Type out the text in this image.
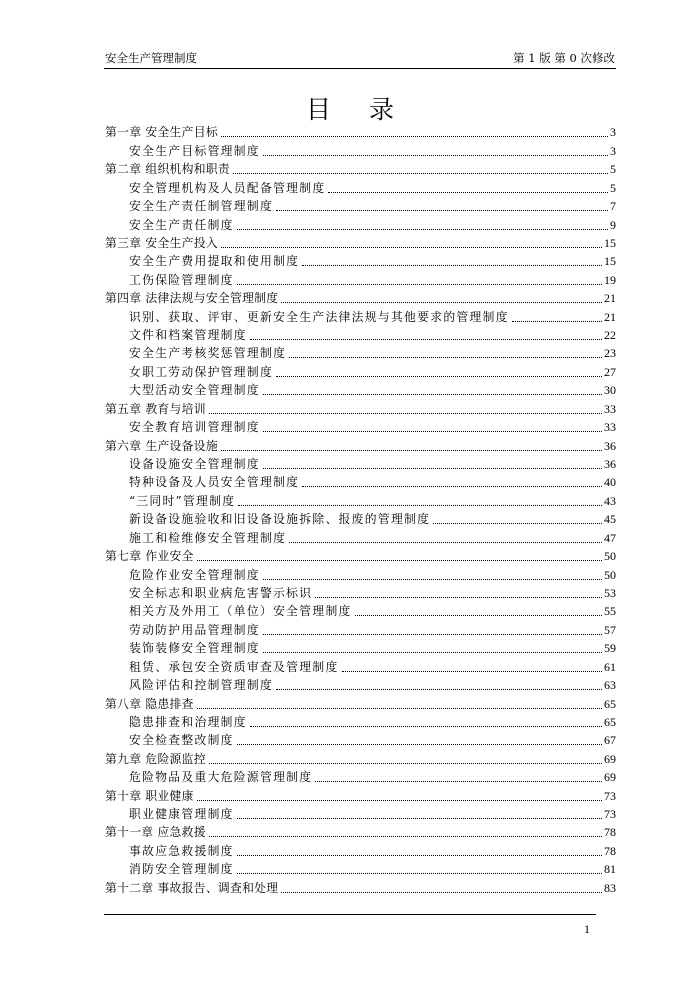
安全生产管理制度	第 1 版 第 0 次修改
目录
第一章 安全生产目标	3
安全生产目标管理制度	3
第二章 组织机构和职责	5
安全管理机构及人员配备管理制度	5
安全生产责任制管理制度	7
安全生产责任制度	9
第三章 安全生产投入	15
安全生产费用提取和使用制度	15
工伤保险管理制度	19
第四章 法律法规与安全管理制度	21
识别、获取、评审、更新安全生产法律法规与其他要求的管理制度	21
文件和档案管理制度	22
安全生产考核奖惩管理制度	23
女职工劳动保护管理制度	27
大型活动安全管理制度	30
第五章 教育与培训	33
安全教育培训管理制度	33
第六章 生产设备设施	36
设备设施安全管理制度	36
特种设备及人员安全管理制度	40
“三同时”管理制度	43
新设备设施验收和旧设备设施拆除、报废的管理制度	45
施工和检维修安全管理制度	47
第七章 作业安全	50
危险作业安全管理制度	50
安全标志和职业病危害警示标识	53
相关方及外用工（单位）安全管理制度	55
劳动防护用品管理制度	57
装饰装修安全管理制度	59
租赁、承包安全资质审查及管理制度	61
风险评估和控制管理制度	63
第八章 隐患排查	65
隐患排查和治理制度	65
安全检查整改制度	67
第九章 危险源监控	69
危险物品及重大危险源管理制度	69
第十章 职业健康	73
职业健康管理制度	73
第十一章 应急救援	78
事故应急救援制度	78
消防安全管理制度	81
第十二章 事故报告、调查和处理	83
1
